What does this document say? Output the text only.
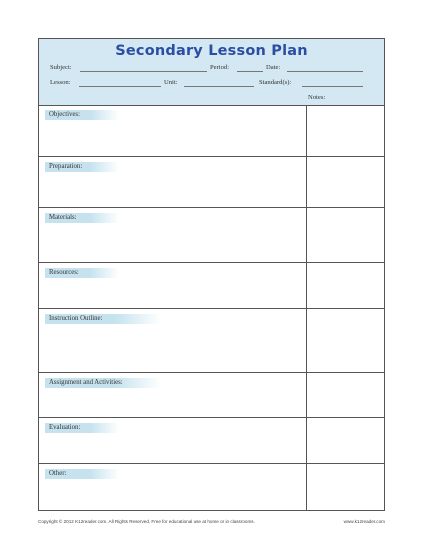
Secondary Lesson Plan
Subject:	Period:	Date:
Lesson:	Unit:	Standard(s):
Notes:
Objectives:
Preparation:
Materials:
Resources:
Instruction Outline:
Assignment and Activities:
Evaluation:
Other:
Copyright © 2012 K12reader.com. All Rights Reserved. Free for educational use at home or in classrooms.	www.k12reader.com
